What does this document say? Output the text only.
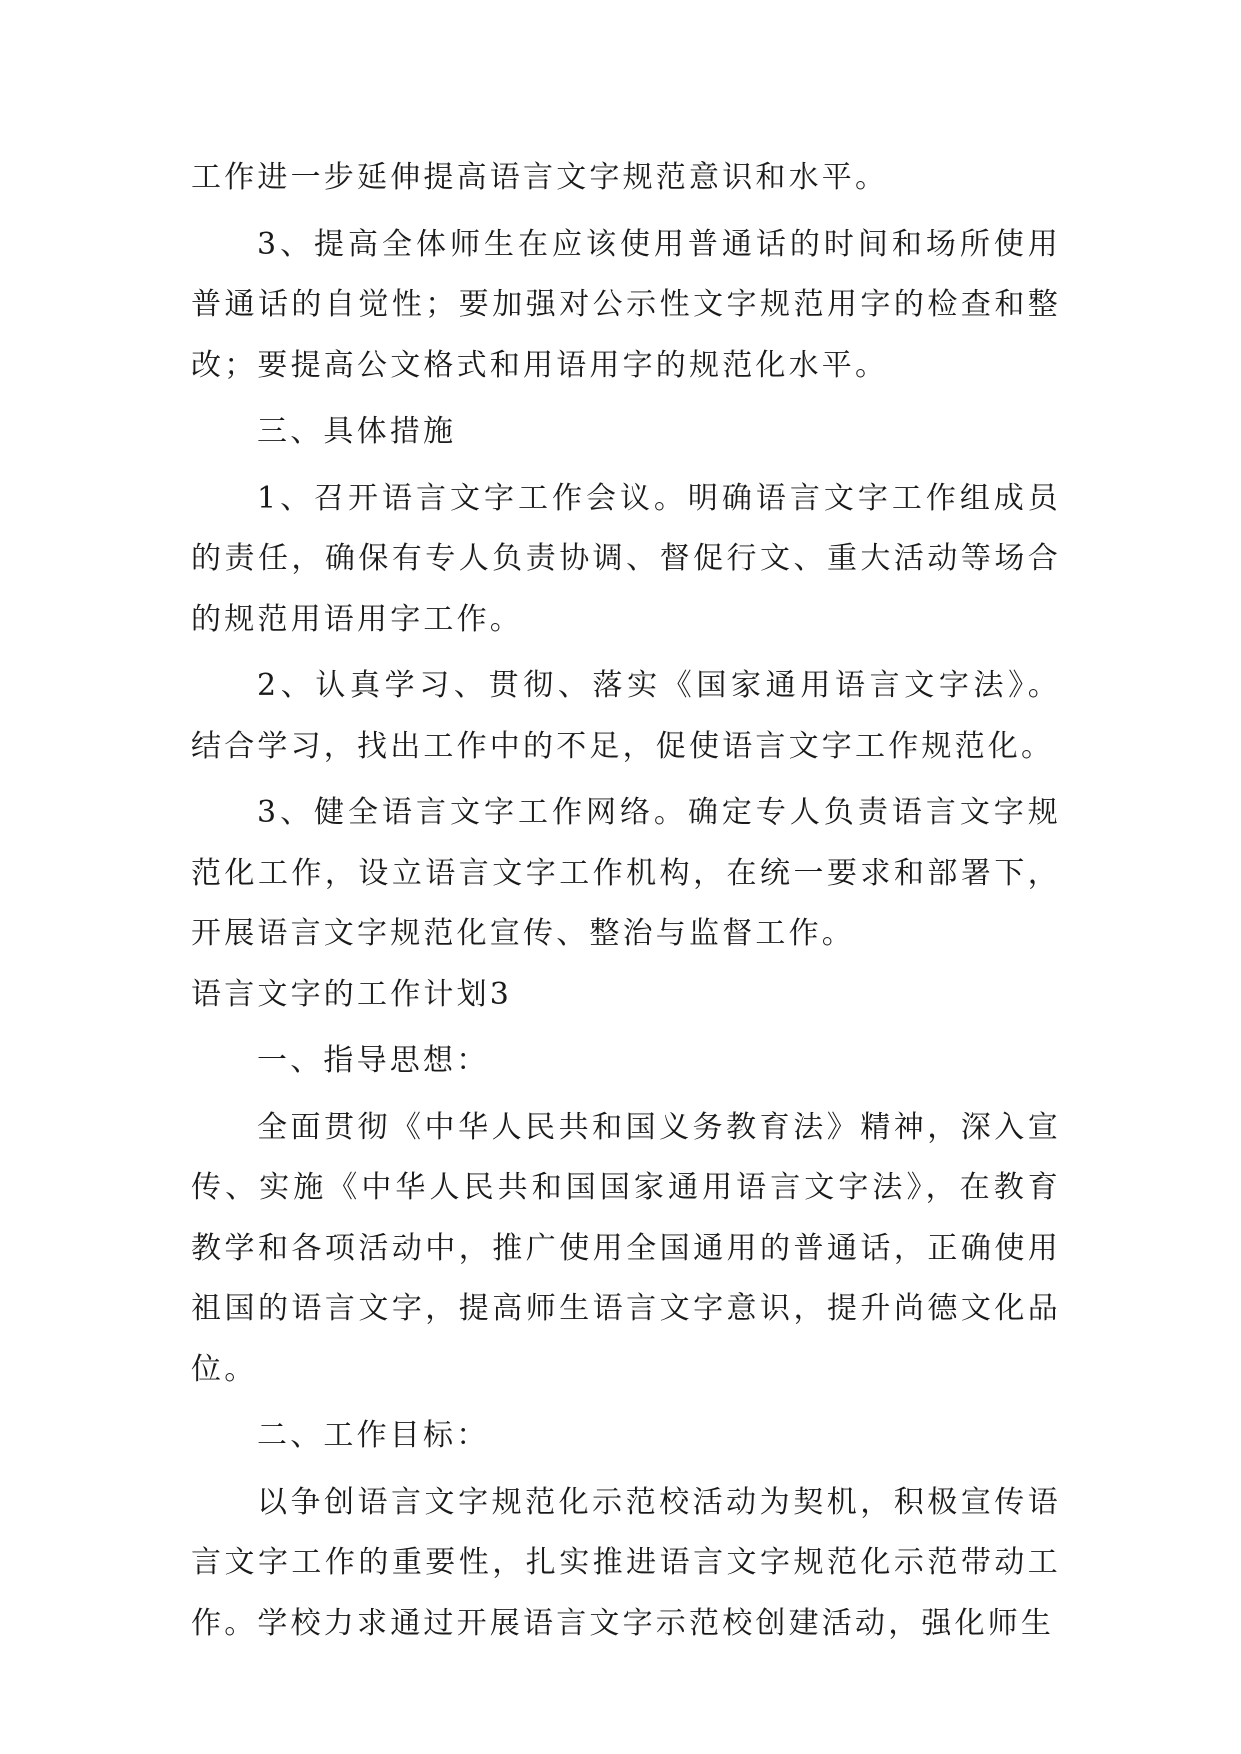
工作进一步延伸提高语言文字规范意识和水平。

3、提高全体师生在应该使用普通话的时间和场所使用普通话的自觉性；要加强对公示性文字规范用字的检查和整改；要提高公文格式和用语用字的规范化水平。

三、具体措施

1、召开语言文字工作会议。明确语言文字工作组成员的责任，确保有专人负责协调、督促行文、重大活动等场合的规范用语用字工作。

2、认真学习、贯彻、落实《国家通用语言文字法》。结合学习，找出工作中的不足，促使语言文字工作规范化。

3、健全语言文字工作网络。确定专人负责语言文字规范化工作，设立语言文字工作机构，在统一要求和部署下，开展语言文字规范化宣传、整治与监督工作。

语言文字的工作计划3

一、指导思想：

全面贯彻《中华人民共和国义务教育法》精神，深入宣传、实施《中华人民共和国国家通用语言文字法》，在教育教学和各项活动中，推广使用全国通用的普通话，正确使用祖国的语言文字，提高师生语言文字意识，提升尚德文化品位。

二、工作目标：

以争创语言文字规范化示范校活动为契机，积极宣传语言文字工作的重要性，扎实推进语言文字规范化示范带动工作。学校力求通过开展语言文字示范校创建活动，强化师生
